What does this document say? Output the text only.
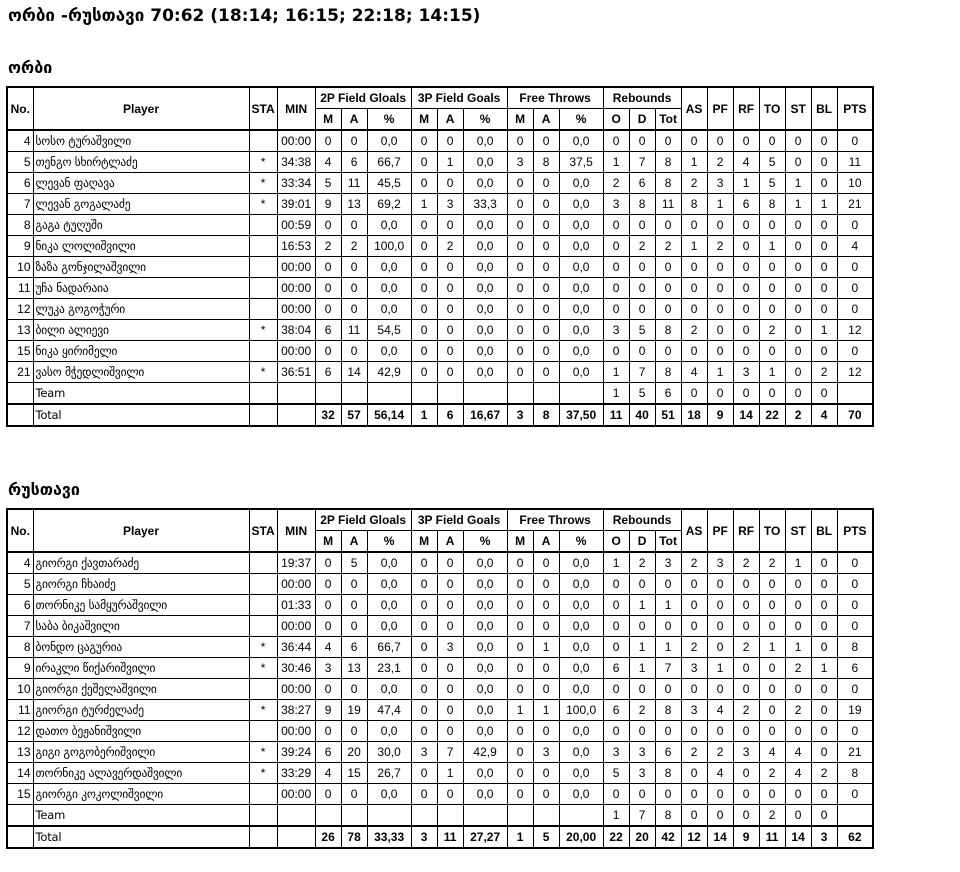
ორბი -რუსთავი 70:62 (18:14; 16:15; 22:18; 14:15)
ორბი
No.	Player	STA	MIN	2P Field Gloals			3P Field Goals			Free Throws			Rebounds			AS	PF	RF	TO	ST	BL	PTS
				M	A	%	M	A	%	M	A	%	O	D	Tot							
4	სოსო ტურაშვილი		00:00	0	0	0,0	0	0	0,0	0	0	0,0	0	0	0	0	0	0	0	0	0	0
5	თენგო სხირტლაძე	*	34:38	4	6	66,7	0	1	0,0	3	8	37,5	1	7	8	1	2	4	5	0	0	11
6	ლევან ფაღავა	*	33:34	5	11	45,5	0	0	0,0	0	0	0,0	2	6	8	2	3	1	5	1	0	10
7	ლევან გოგალაძე	*	39:01	9	13	69,2	1	3	33,3	0	0	0,0	3	8	11	8	1	6	8	1	1	21
8	გაგა ტუღუში		00:59	0	0	0,0	0	0	0,0	0	0	0,0	0	0	0	0	0	0	0	0	0	0
9	ნიკა ლოლიშვილი		16:53	2	2	100,0	0	2	0,0	0	0	0,0	0	2	2	1	2	0	1	0	0	4
10	ზაზა გონჯილაშვილი		00:00	0	0	0,0	0	0	0,0	0	0	0,0	0	0	0	0	0	0	0	0	0	0
11	უჩა ნადარაია		00:00	0	0	0,0	0	0	0,0	0	0	0,0	0	0	0	0	0	0	0	0	0	0
12	ლუკა გოგოჭური		00:00	0	0	0,0	0	0	0,0	0	0	0,0	0	0	0	0	0	0	0	0	0	0
13	ბილი ალიევი	*	38:04	6	11	54,5	0	0	0,0	0	0	0,0	3	5	8	2	0	0	2	0	1	12
15	ნიკა ყირიმელი		00:00	0	0	0,0	0	0	0,0	0	0	0,0	0	0	0	0	0	0	0	0	0	0
21	ვასო მჭედლიშვილი	*	36:51	6	14	42,9	0	0	0,0	0	0	0,0	1	7	8	4	1	3	1	0	2	12
	Team												1	5	6	0	0	0	0	0	0	
	Total			32	57	56,14	1	6	16,67	3	8	37,50	11	40	51	18	9	14	22	2	4	70
რუსთავი
No.	Player	STA	MIN	2P Field Gloals			3P Field Goals			Free Throws			Rebounds			AS	PF	RF	TO	ST	BL	PTS
				M	A	%	M	A	%	M	A	%	O	D	Tot							
4	გიორგი ქავთარაძე		19:37	0	5	0,0	0	0	0,0	0	0	0,0	1	2	3	2	3	2	2	1	0	0
5	გიორგი ჩხაიძე		00:00	0	0	0,0	0	0	0,0	0	0	0,0	0	0	0	0	0	0	0	0	0	0
6	თორნიკე სამყურაშვილი		01:33	0	0	0,0	0	0	0,0	0	0	0,0	0	1	1	0	0	0	0	0	0	0
7	საბა ბიკაშვილი		00:00	0	0	0,0	0	0	0,0	0	0	0,0	0	0	0	0	0	0	0	0	0	0
8	ბონდო ცაგურია	*	36:44	4	6	66,7	0	3	0,0	0	1	0,0	0	1	1	2	0	2	1	1	0	8
9	ირაკლი წიქარიშვილი	*	30:46	3	13	23,1	0	0	0,0	0	0	0,0	6	1	7	3	1	0	0	2	1	6
10	გიორგი ქეშელაშვილი		00:00	0	0	0,0	0	0	0,0	0	0	0,0	0	0	0	0	0	0	0	0	0	0
11	გიორგი ტურძელაძე	*	38:27	9	19	47,4	0	0	0,0	1	1	100,0	6	2	8	3	4	2	0	2	0	19
12	დათო ბეჟანიშვილი		00:00	0	0	0,0	0	0	0,0	0	0	0,0	0	0	0	0	0	0	0	0	0	0
13	გიგი გოგობერიშვილი	*	39:24	6	20	30,0	3	7	42,9	0	3	0,0	3	3	6	2	2	3	4	4	0	21
14	თორნიკე ალავერდაშვილი	*	33:29	4	15	26,7	0	1	0,0	0	0	0,0	5	3	8	0	4	0	2	4	2	8
15	გიორგი კოკოლიშვილი		00:00	0	0	0,0	0	0	0,0	0	0	0,0	0	0	0	0	0	0	0	0	0	0
	Team												1	7	8	0	0	0	2	0	0	
	Total			26	78	33,33	3	11	27,27	1	5	20,00	22	20	42	12	14	9	11	14	3	62
